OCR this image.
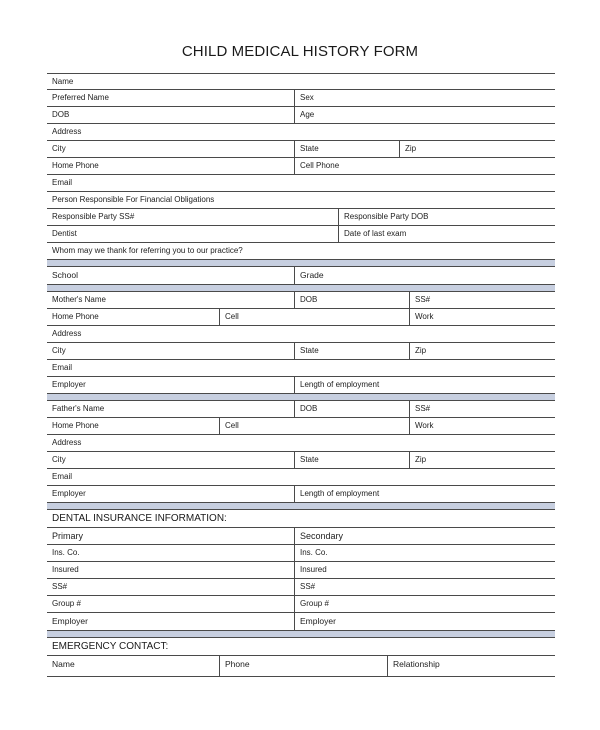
CHILD MEDICAL HISTORY FORM
Name
Preferred Name	Sex
DOB	Age
Address
City	State	Zip
Home Phone	Cell Phone
Email
Person Responsible For Financial Obligations
Responsible Party SS#	Responsible Party DOB
Dentist	Date of last exam
Whom may we thank for referring you to our practice?
School	Grade
Mother's Name	DOB	SS#
Home Phone	Cell	Work
Address
City	State	Zip
Email
Employer	Length of employment
Father's Name	DOB	SS#
Home Phone	Cell	Work
Address
City	State	Zip
Email
Employer	Length of employment
DENTAL INSURANCE INFORMATION:
Primary	Secondary
Ins. Co.	Ins. Co.
Insured	Insured
SS#	SS#
Group #	Group #
Employer	Employer
EMERGENCY CONTACT:
Name	Phone	Relationship
